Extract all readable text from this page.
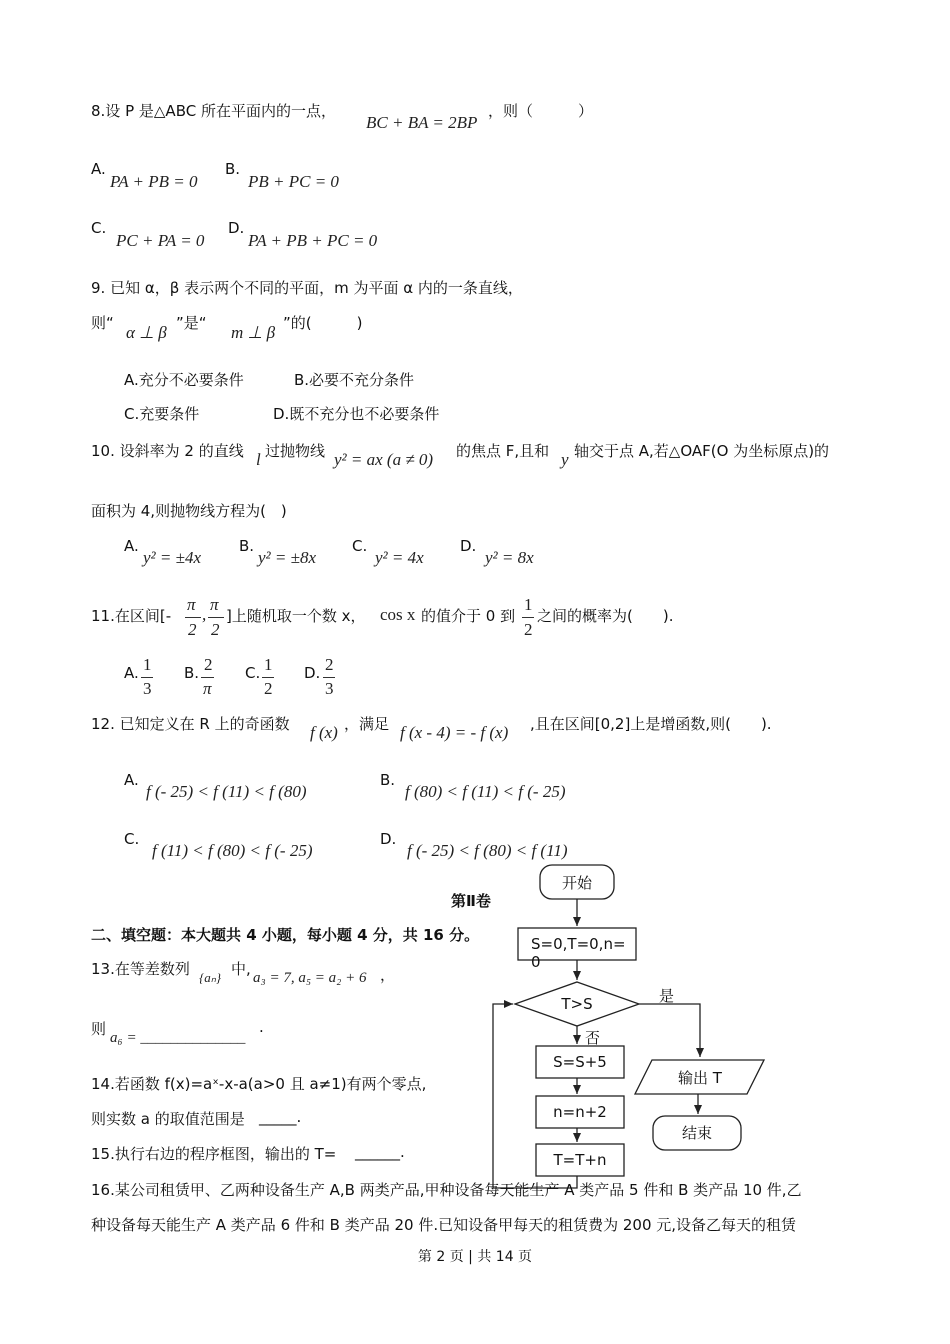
8.设 P 是△ABC 所在平面内的一点，
BC + BA = 2BP
，则（　　　）
A.
PA + PB = 0
B.
PB + PC = 0
C.
PC + PA = 0
D.
PA + PB + PC = 0
9. 已知 α，β 表示两个不同的平面，m 为平面 α 内的一条直线，
则“ α ⊥ β ”是“ m ⊥ β ”的(　　　)
A.充分不必要条件	B.必要不充分条件
C.充要条件	D.既不充分也不必要条件
10. 设斜率为 2 的直线 l 过抛物线 y² = ax (a ≠ 0) 的焦点 F,且和 y 轴交于点 A,若△OAF(O 为坐标原点)的
面积为 4,则抛物线方程为(　)
A.
y² = ±4x
B.
y² = ±8x
C.
y² = 4x
D.
y² = 8x
11.在区间[-
π
2
,
π
2
]上随机取一个数 x， cos x 的值介于 0 到
1
2
之间的概率为(　　).
A. 1
3
B. 2
π
C. 1
2
D. 2
3
12. 已知定义在 R 上的奇函数 f (x) ，满足 f (x - 4) = - f (x) ,且在区间[0,2]上是增函数,则(　　).
A.
f (- 25) < f (11) < f (80)
B.
f (80) < f (11) < f (- 25)
C.
f (11) < f (80) < f (- 25)
D.
f (- 25) < f (80) < f (11)
第Ⅱ卷
二、填空题：本大题共 4 小题，每小题 4 分，共 16 分。
13.在等差数列 {aₙ} 中, a₃ = 7, a₅ = a₂ + 6 ，
则 a₆ = ______________
.
14.若函数 f(x)=aˣ-x-a(a>0 且 a≠1)有两个零点,
则实数 a 的取值范围是 _____.
15.执行右边的程序框图，输出的 T= ______.
开始
S=0,T=0,n=
0
T>S	是
否
S=S+5
n=n+2
T=T+n
输出 T
结束
16.某公司租赁甲、乙两种设备生产 A,B 两类产品,甲种设备每天能生产 A 类产品 5 件和 B 类产品 10 件,乙
种设备每天能生产 A 类产品 6 件和 B 类产品 20 件.已知设备甲每天的租赁费为 200 元,设备乙每天的租赁
第 2 页 | 共 14 页
